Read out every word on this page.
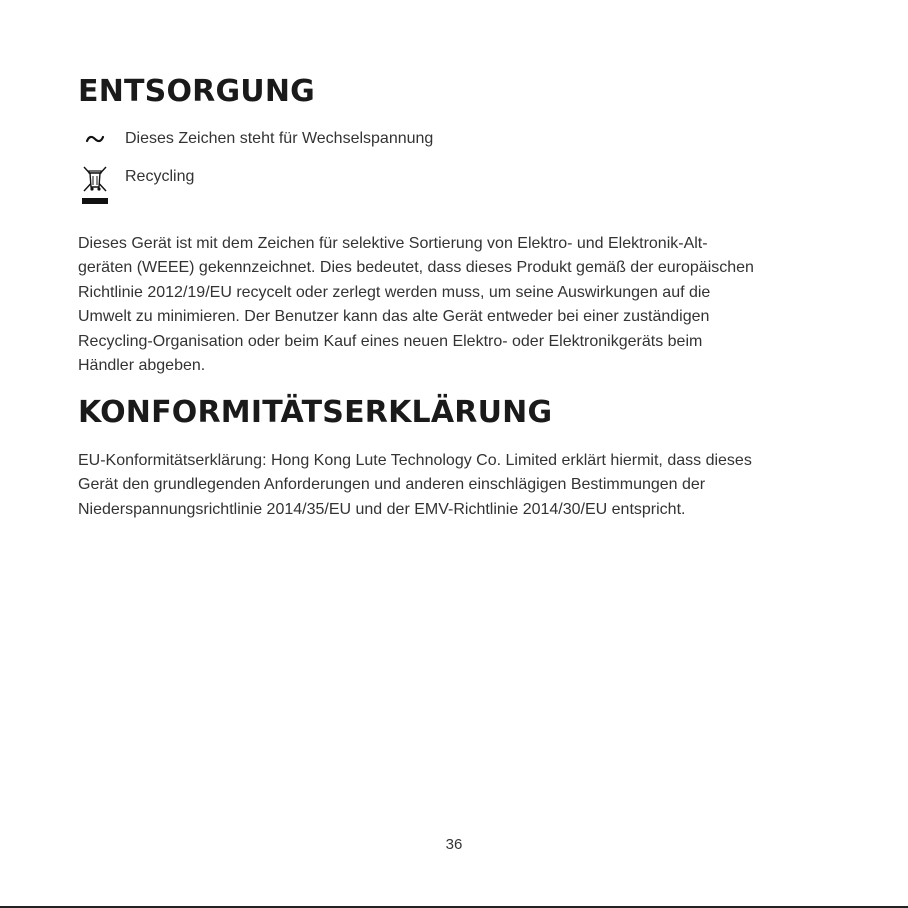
ENTSORGUNG
Dieses Zeichen steht für Wechselspannung
Recycling

Dieses Gerät ist mit dem Zeichen für selektive Sortierung von Elektro- und Elektronik-Alt-
geräten (WEEE) gekennzeichnet. Dies bedeutet, dass dieses Produkt gemäß der europäischen
Richtlinie 2012/19/EU recycelt oder zerlegt werden muss, um seine Auswirkungen auf die
Umwelt zu minimieren. Der Benutzer kann das alte Gerät entweder bei einer zuständigen
Recycling-Organisation oder beim Kauf eines neuen Elektro- oder Elektronikgeräts beim
Händler abgeben.

KONFORMITÄTSERKLÄRUNG

EU-Konformitätserklärung: Hong Kong Lute Technology Co. Limited erklärt hiermit, dass dieses
Gerät den grundlegenden Anforderungen und anderen einschlägigen Bestimmungen der
Niederspannungsrichtlinie 2014/35/EU und der EMV-Richtlinie 2014/30/EU entspricht.

36
